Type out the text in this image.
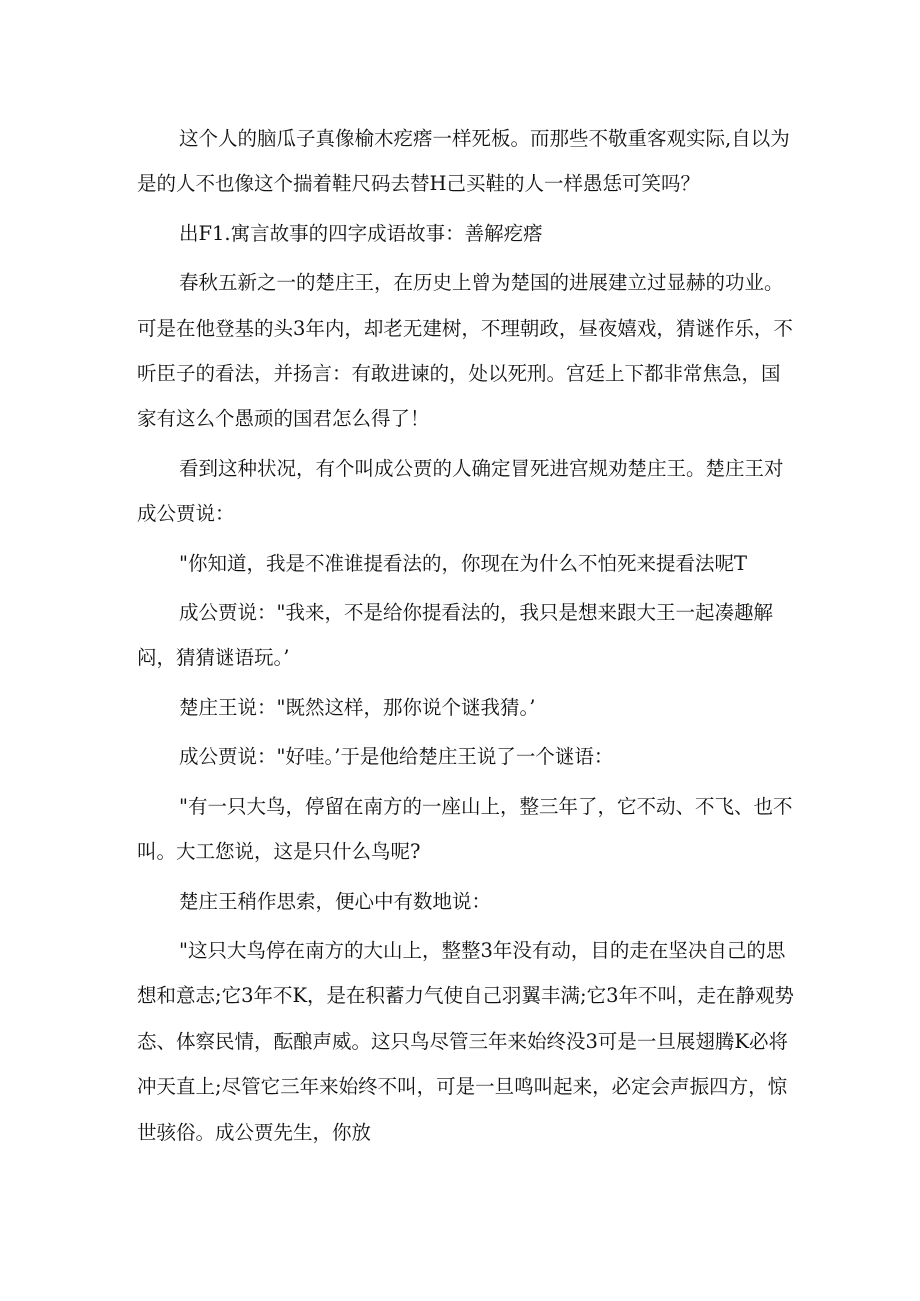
这个人的脑瓜子真像榆木疙瘩一样死板。而那些不敬重客观实际,自以为是的人不也像这个揣着鞋尺码去替H己买鞋的人一样愚恁可笑吗？

出F1.寓言故事的四字成语故事：善解疙瘩

春秋五新之一的楚庄王，在历史上曾为楚国的进展建立过显赫的功业。可是在他登基的头3年内，却老无建树，不理朝政，昼夜嬉戏，猜谜作乐，不听臣子的看法，并扬言：有敢进谏的，处以死刑。宫廷上下都非常焦急，国家有这么个愚顽的国君怎么得了！

看到这种状况，有个叫成公贾的人确定冒死进宫规劝楚庄王。楚庄王对成公贾说：

"你知道，我是不准谁提看法的，你现在为什么不怕死来提看法呢T

成公贾说："我来，不是给你提看法的，我只是想来跟大王一起凑趣解闷，猜猜谜语玩。’

楚庄王说："既然这样，那你说个谜我猜。’

成公贾说："好哇。’于是他给楚庄王说了一个谜语：

"有一只大鸟，停留在南方的一座山上，整三年了，它不动、不飞、也不叫。大工您说，这是只什么鸟呢?

楚庄王稍作思索，便心中有数地说：

"这只大鸟停在南方的大山上，整整3年没有动，目的走在坚决自己的思想和意志;它3年不K，是在积蓄力气使自己羽翼丰满;它3年不叫，走在静观势态、体察民情，酝酿声威。这只鸟尽管三年来始终没3可是一旦展翅腾K必将冲天直上;尽管它三年来始终不叫，可是一旦鸣叫起来，必定会声振四方，惊世骇俗。成公贾先生，你放
